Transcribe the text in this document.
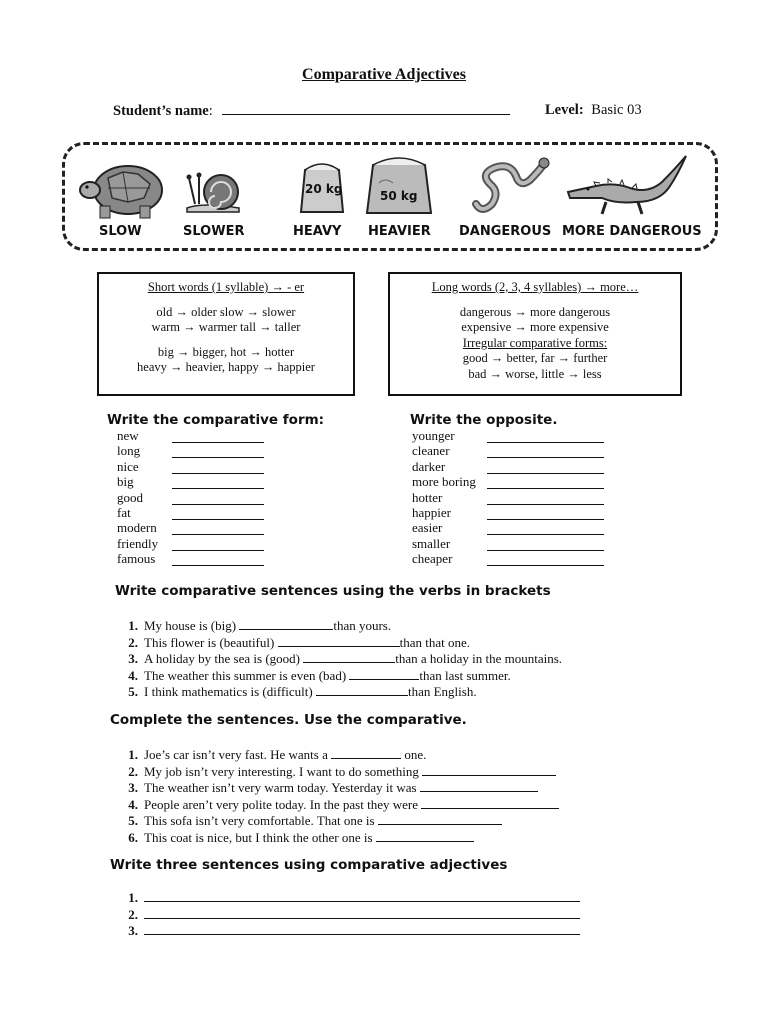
Comparative Adjectives
Student’s name:	Level: Basic 03
20 kg	50 kg
SLOW	SLOWER	HEAVY HEAVIER DANGEROUS MORE DANGEROUS
Short words (1 syllable) → - er
old → older slow → slower
warm → warmer tall → taller
big → bigger, hot → hotter
heavy → heavier, happy → happier
Long words (2, 3, 4 syllables) → more…
dangerous → more dangerous
expensive → more expensive
Irregular comparative forms:
good → better, far → further
bad → worse, little → less
Write the comparative form:	Write the opposite.
new
long
nice
big
good
fat
modern
friendly
famous
younger
cleaner
darker
more boring
hotter
happier
easier
smaller
cheaper
Write comparative sentences using the verbs in brackets
1. My house is (big)	than yours.
2. This flower is (beautiful)	than that one.
3. A holiday by the sea is (good)	than a holiday in the mountains.
4. The weather this summer is even (bad)	than last summer.
5. I think mathematics is (difficult)	than English.
Complete the sentences. Use the comparative.
1. Joe’s car isn’t very fast. He wants a	one.
2. My job isn’t very interesting. I want to do something
3. The weather isn’t very warm today. Yesterday it was
4. People aren’t very polite today. In the past they were
5. This sofa isn’t very comfortable. That one is
6. This coat is nice, but I think the other one is
Write three sentences using comparative adjectives
1.
2.
3.
